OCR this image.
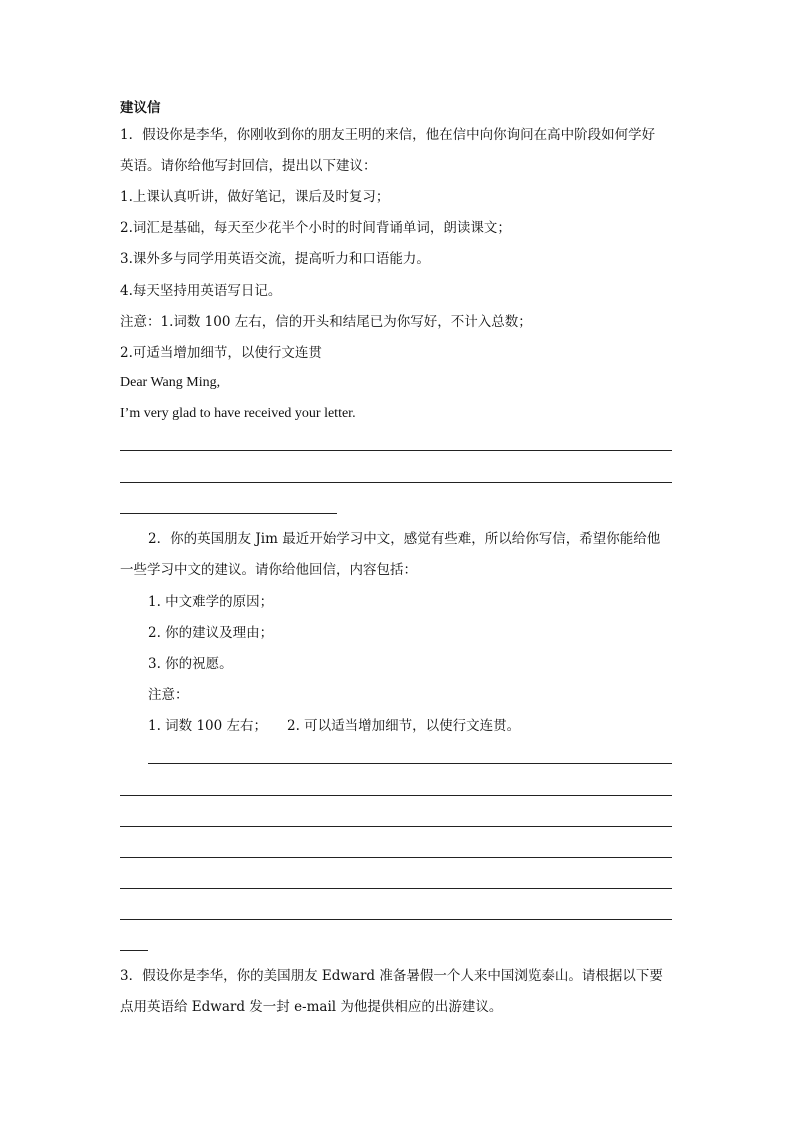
建议信
1．假设你是李华，你刚收到你的朋友王明的来信，他在信中向你询问在高中阶段如何学好
英语。请你给他写封回信，提出以下建议：
1.上课认真听讲，做好笔记，课后及时复习；
2.词汇是基础，每天至少花半个小时的时间背诵单词，朗读课文；
3.课外多与同学用英语交流，提高听力和口语能力。
4.每天坚持用英语写日记。
注意：1.词数 100 左右，信的开头和结尾已为你写好，不计入总数；
2.可适当增加细节，以使行文连贯
Dear Wang Ming,
I’m very glad to have received your letter.
2．你的英国朋友 Jim 最近开始学习中文，感觉有些难，所以给你写信，希望你能给他
一些学习中文的建议。请你给他回信，内容包括：
1. 中文难学的原因；
2. 你的建议及理由；
3. 你的祝愿。
注意：
1. 词数 100 左右； 2. 可以适当增加细节，以使行文连贯。
3．假设你是李华，你的美国朋友 Edward 准备暑假一个人来中国浏览泰山。请根据以下要
点用英语给 Edward 发一封 e-mail 为他提供相应的出游建议。
